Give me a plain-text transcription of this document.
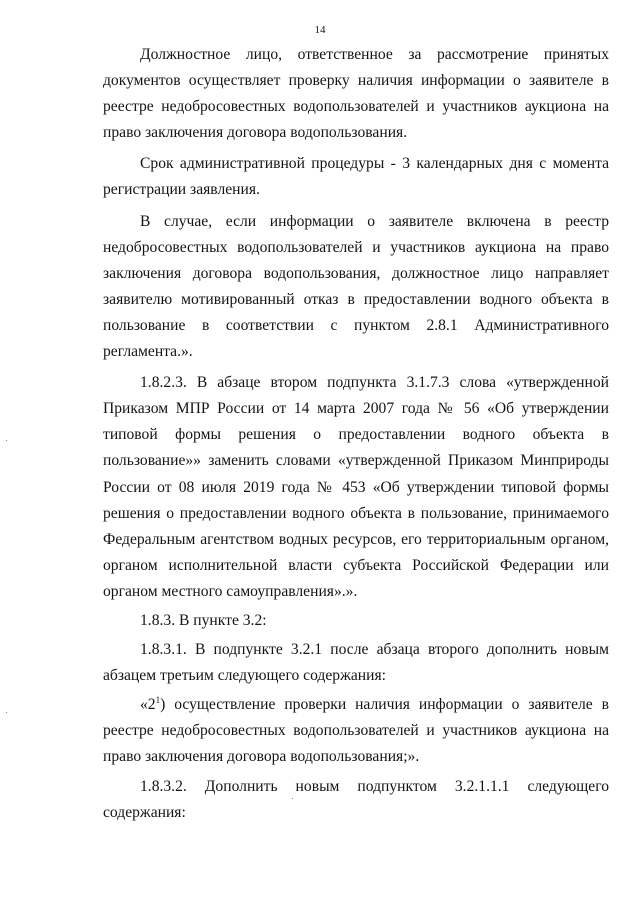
14

Должностное лицо, ответственное за рассмотрение принятых документов осуществляет проверку наличия информации о заявителе в реестре недобросовестных водопользователей и участников аукциона на право заключения договора водопользования.

Срок административной процедуры - 3 календарных дня с момента регистрации заявления.

В случае, если информации о заявителе включена в реестр недобросовестных водопользователей и участников аукциона на право заключения договора водопользования, должностное лицо направляет заявителю мотивированный отказ в предоставлении водного объекта в пользование в соответствии с пунктом 2.8.1 Административного регламента.».

1.8.2.3. В абзаце втором подпункта 3.1.7.3 слова «утвержденной Приказом МПР России от 14 марта 2007 года № 56 «Об утверждении типовой формы решения о предоставлении водного объекта в пользование»» заменить словами «утвержденной Приказом Минприроды России от 08 июля 2019 года № 453 «Об утверждении типовой формы решения о предоставлении водного объекта в пользование, принимаемого Федеральным агентством водных ресурсов, его территориальным органом, органом исполнительной власти субъекта Российской Федерации или органом местного самоуправления».».

1.8.3. В пункте 3.2:

1.8.3.1. В подпункте 3.2.1 после абзаца второго дополнить новым абзацем третьим следующего содержания:

«$2^1$) осуществление проверки наличия информации о заявителе в реестре недобросовестных водопользователей и участников аукциона на право заключения договора водопользования;».

1.8.3.2. Дополнить новым подпунктом 3.2.1.1.1 следующего содержания:
